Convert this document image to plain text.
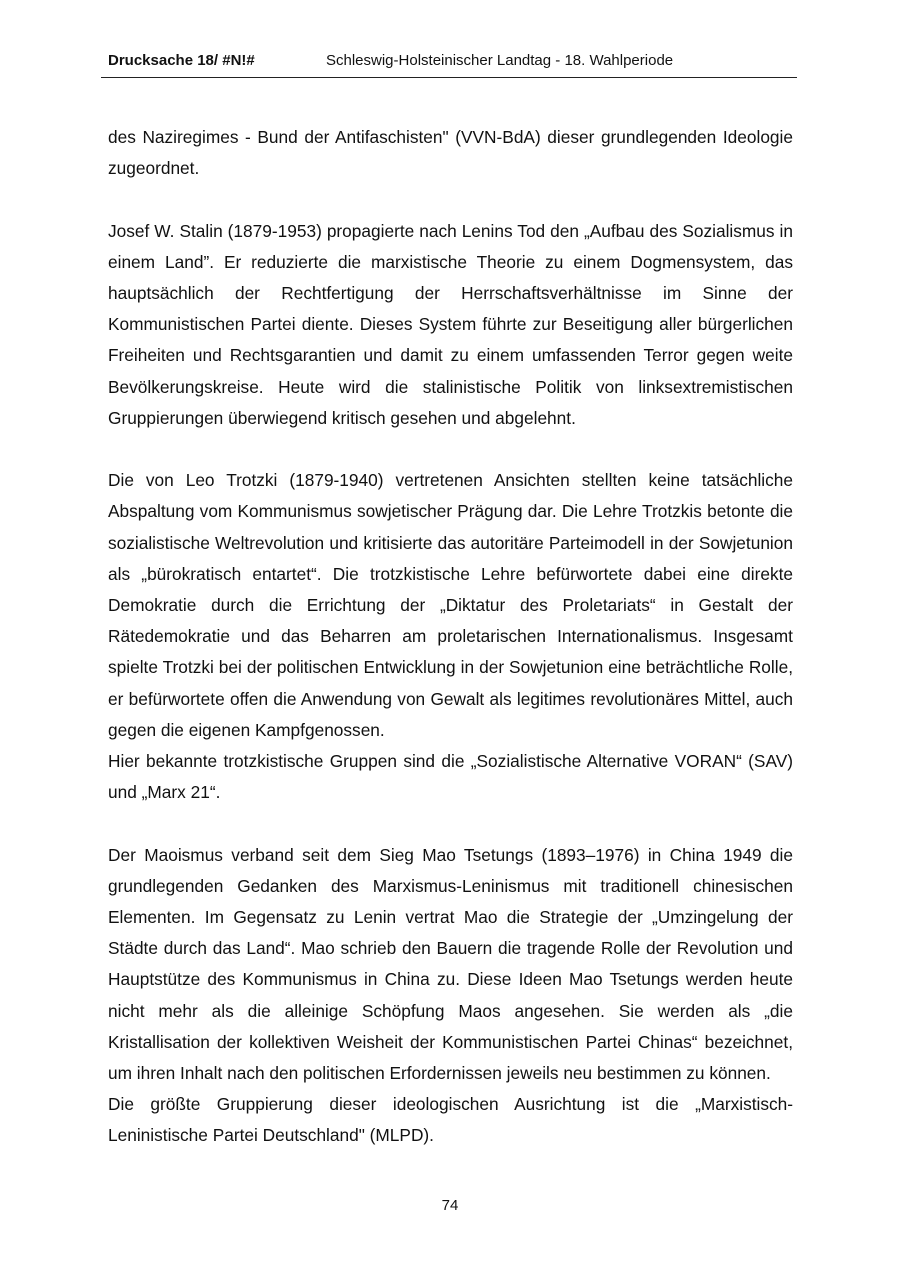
Drucksache 18/ #N!#	Schleswig-Holsteinischer Landtag - 18. Wahlperiode

des Naziregimes - Bund der Antifaschisten" (VVN-BdA) dieser grundlegenden Ideologie zugeordnet.

Josef W. Stalin (1879-1953) propagierte nach Lenins Tod den „Aufbau des Sozialismus in einem Land”. Er reduzierte die marxistische Theorie zu einem Dogmensystem, das hauptsächlich der Rechtfertigung der Herrschaftsverhältnisse im Sinne der Kommunistischen Partei diente. Dieses System führte zur Beseitigung aller bürgerlichen Freiheiten und Rechtsgarantien und damit zu einem umfassenden Terror gegen weite Bevölkerungskreise. Heute wird die stalinistische Politik von linksextremistischen Gruppierungen überwiegend kritisch gesehen und abgelehnt.

Die von Leo Trotzki (1879-1940) vertretenen Ansichten stellten keine tatsächliche Abspaltung vom Kommunismus sowjetischer Prägung dar. Die Lehre Trotzkis betonte die sozialistische Weltrevolution und kritisierte das autoritäre Parteimodell in der Sowjetunion als „bürokratisch entartet“. Die trotzkistische Lehre befürwortete dabei eine direkte Demokratie durch die Errichtung der „Diktatur des Proletariats“ in Gestalt der Rätedemokratie und das Beharren am proletarischen Internationalismus. Insgesamt spielte Trotzki bei der politischen Entwicklung in der Sowjetunion eine beträchtliche Rolle, er befürwortete offen die Anwendung von Gewalt als legitimes revolutionäres Mittel, auch gegen die eigenen Kampfgenossen.

Hier bekannte trotzkistische Gruppen sind die „Sozialistische Alternative VORAN“ (SAV) und „Marx 21“.

Der Maoismus verband seit dem Sieg Mao Tsetungs (1893–1976) in China 1949 die grundlegenden Gedanken des Marxismus-Leninismus mit traditionell chinesischen Elementen. Im Gegensatz zu Lenin vertrat Mao die Strategie der „Umzingelung der Städte durch das Land“. Mao schrieb den Bauern die tragende Rolle der Revolution und Hauptstütze des Kommunismus in China zu. Diese Ideen Mao Tsetungs werden heute nicht mehr als die alleinige Schöpfung Maos angesehen. Sie werden als „die Kristallisation der kollektiven Weisheit der Kommunistischen Partei Chinas“ bezeichnet, um ihren Inhalt nach den politischen Erfordernissen jeweils neu bestimmen zu können.

Die größte Gruppierung dieser ideologischen Ausrichtung ist die „Marxistisch-Leninistische Partei Deutschland" (MLPD).

74
